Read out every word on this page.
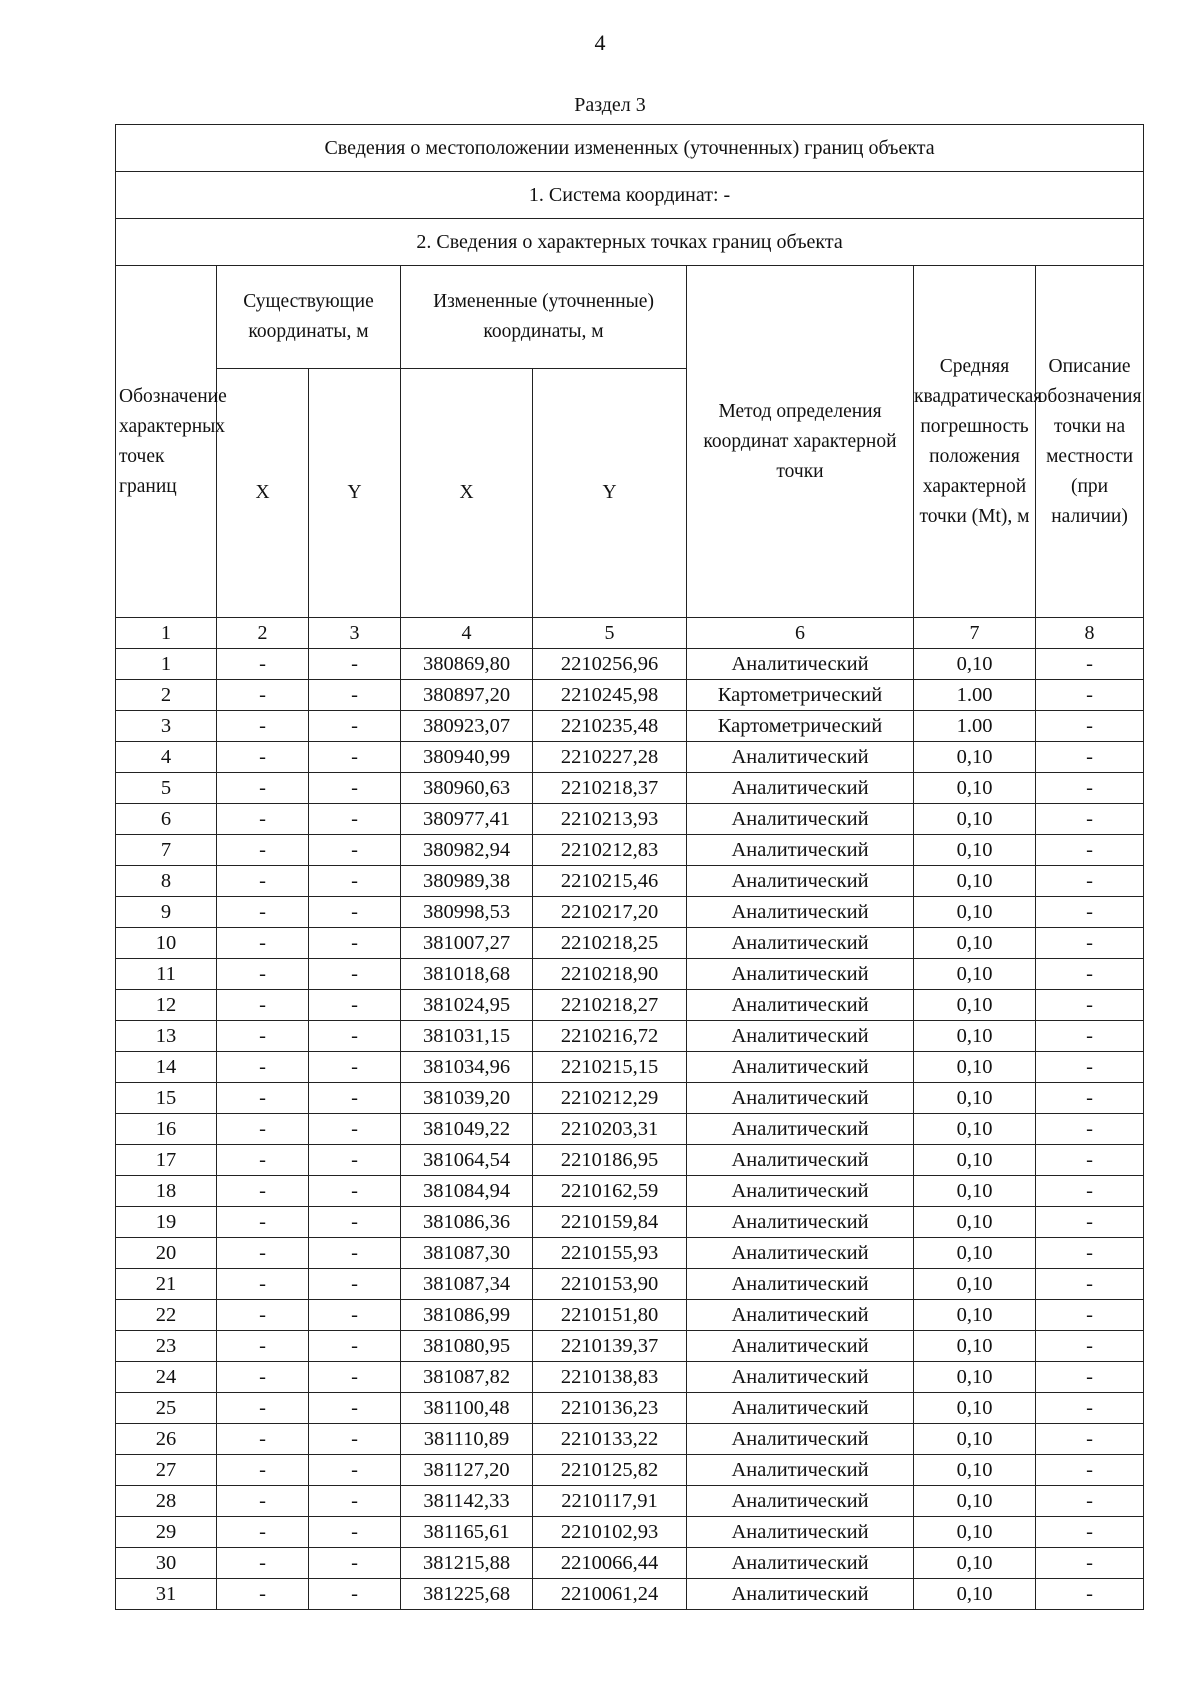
4
Раздел 3
Сведения о местоположении измененных (уточненных) границ объекта							
1. Система координат: -							
2. Сведения о характерных точках границ объекта							
Обозначение характерных точек границ	Существующие координаты, м		Измененные (уточненные) координаты, м		Метод определения координат характерной точки	Средняя квадратическая погрешность положения характерной точки (Mt), м	Описание обозначения точки на местности (при наличии)
	X	Y	X	Y			
1	2	3	4	5	6	7	8
1	-	-	380869,80	2210256,96	Аналитический	0,10	-
2	-	-	380897,20	2210245,98	Картометрический	1.00	-
3	-	-	380923,07	2210235,48	Картометрический	1.00	-
4	-	-	380940,99	2210227,28	Аналитический	0,10	-
5	-	-	380960,63	2210218,37	Аналитический	0,10	-
6	-	-	380977,41	2210213,93	Аналитический	0,10	-
7	-	-	380982,94	2210212,83	Аналитический	0,10	-
8	-	-	380989,38	2210215,46	Аналитический	0,10	-
9	-	-	380998,53	2210217,20	Аналитический	0,10	-
10	-	-	381007,27	2210218,25	Аналитический	0,10	-
11	-	-	381018,68	2210218,90	Аналитический	0,10	-
12	-	-	381024,95	2210218,27	Аналитический	0,10	-
13	-	-	381031,15	2210216,72	Аналитический	0,10	-
14	-	-	381034,96	2210215,15	Аналитический	0,10	-
15	-	-	381039,20	2210212,29	Аналитический	0,10	-
16	-	-	381049,22	2210203,31	Аналитический	0,10	-
17	-	-	381064,54	2210186,95	Аналитический	0,10	-
18	-	-	381084,94	2210162,59	Аналитический	0,10	-
19	-	-	381086,36	2210159,84	Аналитический	0,10	-
20	-	-	381087,30	2210155,93	Аналитический	0,10	-
21	-	-	381087,34	2210153,90	Аналитический	0,10	-
22	-	-	381086,99	2210151,80	Аналитический	0,10	-
23	-	-	381080,95	2210139,37	Аналитический	0,10	-
24	-	-	381087,82	2210138,83	Аналитический	0,10	-
25	-	-	381100,48	2210136,23	Аналитический	0,10	-
26	-	-	381110,89	2210133,22	Аналитический	0,10	-
27	-	-	381127,20	2210125,82	Аналитический	0,10	-
28	-	-	381142,33	2210117,91	Аналитический	0,10	-
29	-	-	381165,61	2210102,93	Аналитический	0,10	-
30	-	-	381215,88	2210066,44	Аналитический	0,10	-
31	-	-	381225,68	2210061,24	Аналитический	0,10	-
